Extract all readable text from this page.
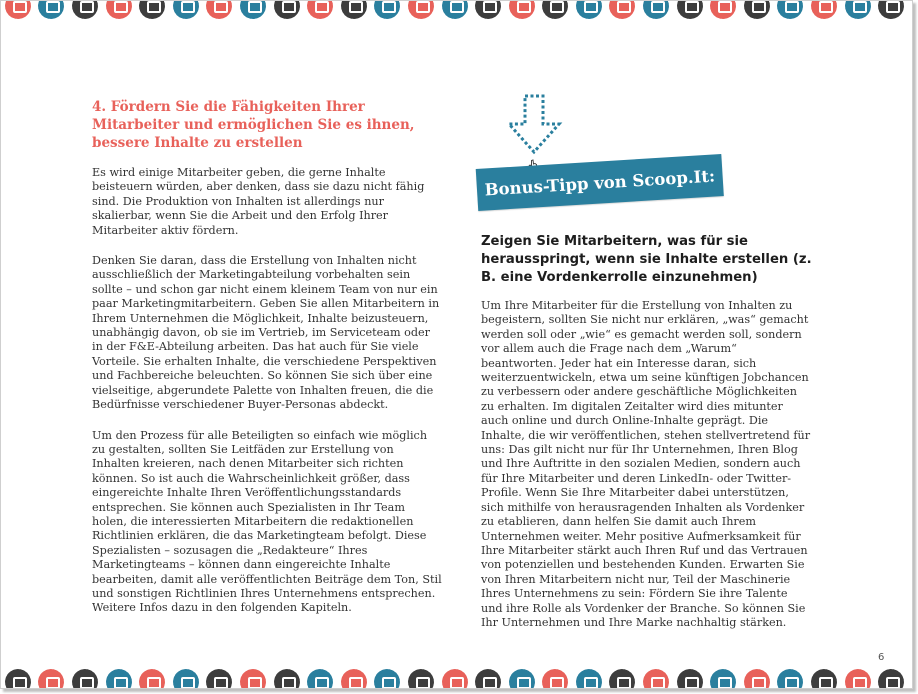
4. Fördern Sie die Fähigkeiten Ihrer Mitarbeiter und ermöglichen Sie es ihnen, bessere Inhalte zu erstellen

Es wird einige Mitarbeiter geben, die gerne Inhalte beisteuern würden, aber denken, dass sie dazu nicht fähig sind. Die Produktion von Inhalten ist allerdings nur skalierbar, wenn Sie die Arbeit und den Erfolg Ihrer Mitarbeiter aktiv fördern.

Denken Sie daran, dass die Erstellung von Inhalten nicht ausschließlich der Marketingabteilung vorbehalten sein sollte – und schon gar nicht einem kleinem Team von nur ein paar Marketingmitarbeitern. Geben Sie allen Mitarbeitern in Ihrem Unternehmen die Möglichkeit, Inhalte beizusteuern, unabhängig davon, ob sie im Vertrieb, im Serviceteam oder in der F&E-Abteilung arbeiten. Das hat auch für Sie viele Vorteile. Sie erhalten Inhalte, die verschiedene Perspektiven und Fachbereiche beleuchten. So können Sie sich über eine vielseitige, abgerundete Palette von Inhalten freuen, die die Bedürfnisse verschiedener Buyer-Personas abdeckt.

Um den Prozess für alle Beteiligten so einfach wie möglich zu gestalten, sollten Sie Leitfäden zur Erstellung von Inhalten kreieren, nach denen Mitarbeiter sich richten können. So ist auch die Wahrscheinlichkeit größer, dass eingereichte Inhalte Ihren Veröffentlichungsstandards entsprechen. Sie können auch Spezialisten in Ihr Team holen, die interessierten Mitarbeitern die redaktionellen Richtlinien erklären, die das Marketingteam befolgt. Diese Spezialisten – sozusagen die „Redakteure“ Ihres Marketingteams – können dann eingereichte Inhalte bearbeiten, damit alle veröffentlichten Beiträge dem Ton, Stil und sonstigen Richtlinien Ihres Unternehmens entsprechen. Weitere Infos dazu in den folgenden Kapiteln.

Bonus-Tipp von Scoop.It:
Zeigen Sie Mitarbeitern, was für sie herausspringt, wenn sie Inhalte erstellen (z. B. eine Vordenkerrolle einzunehmen)

Um Ihre Mitarbeiter für die Erstellung von Inhalten zu begeistern, sollten Sie nicht nur erklären, „was“ gemacht werden soll oder „wie“ es gemacht werden soll, sondern vor allem auch die Frage nach dem „Warum“ beantworten. Jeder hat ein Interesse daran, sich weiterzuentwickeln, etwa um seine künftigen Jobchancen zu verbessern oder andere geschäftliche Möglichkeiten zu erhalten. Im digitalen Zeitalter wird dies mitunter auch online und durch Online-Inhalte geprägt. Die Inhalte, die wir veröffentlichen, stehen stellvertretend für uns: Das gilt nicht nur für Ihr Unternehmen, Ihren Blog und Ihre Auftritte in den sozialen Medien, sondern auch für Ihre Mitarbeiter und deren LinkedIn- oder Twitter-Profile. Wenn Sie Ihre Mitarbeiter dabei unterstützen, sich mithilfe von herausragenden Inhalten als Vordenker zu etablieren, dann helfen Sie damit auch Ihrem Unternehmen weiter. Mehr positive Aufmerksamkeit für Ihre Mitarbeiter stärkt auch Ihren Ruf und das Vertrauen von potenziellen und bestehenden Kunden. Erwarten Sie von Ihren Mitarbeitern nicht nur, Teil der Maschinerie Ihres Unternehmens zu sein: Fördern Sie ihre Talente und ihre Rolle als Vordenker der Branche. So können Sie Ihr Unternehmen und Ihre Marke nachhaltig stärken.

6
